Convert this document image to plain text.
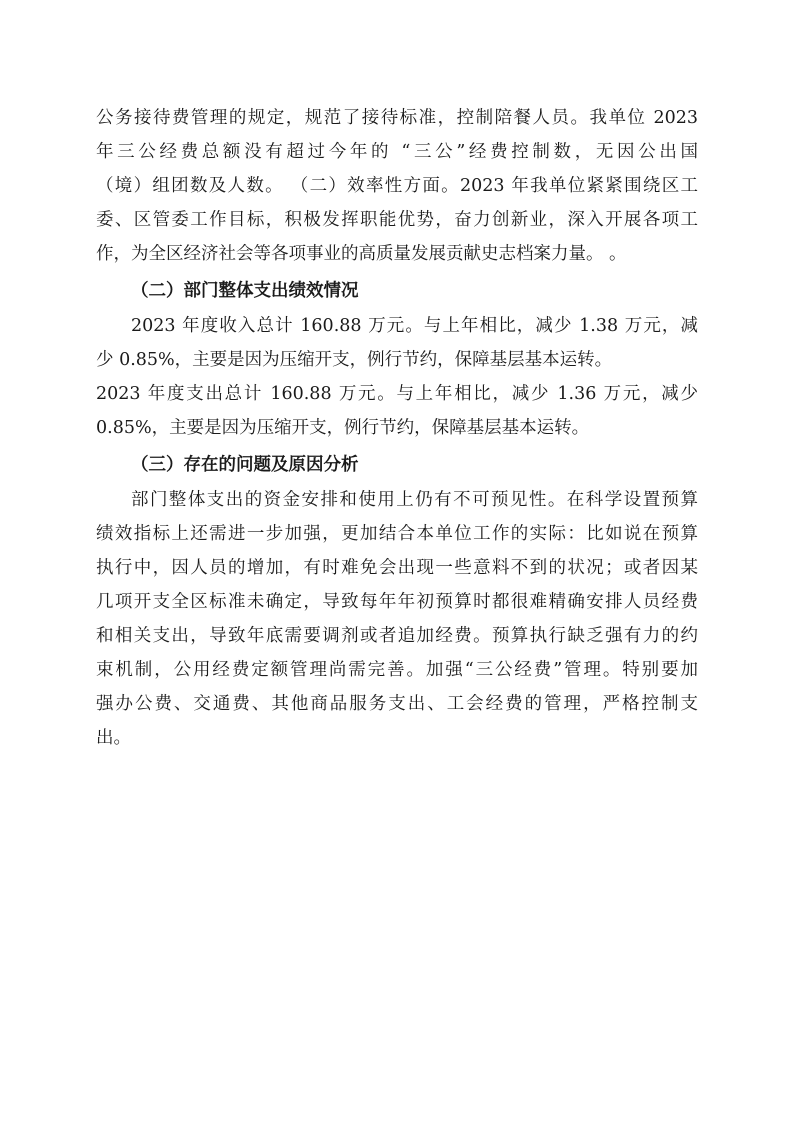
公务接待费管理的规定，规范了接待标准，控制陪餐人员。我单位 2023
年三公经费总额没有超过今年的 “三公”经费控制数，无因公出国
（境）组团数及人数。 （二）效率性方面。2023 年我单位紧紧围绕区工
委、区管委工作目标，积极发挥职能优势，奋力创新业，深入开展各项工
作，为全区经济社会等各项事业的高质量发展贡献史志档案力量。 。
（二）部门整体支出绩效情况
2023 年度收入总计 160.88 万元。与上年相比，减少 1.38 万元，减
少 0.85%，主要是因为压缩开支，例行节约，保障基层基本运转。
2023 年度支出总计 160.88 万元。与上年相比，减少 1.36 万元，减少
0.85%，主要是因为压缩开支，例行节约，保障基层基本运转。
（三）存在的问题及原因分析
部门整体支出的资金安排和使用上仍有不可预见性。在科学设置预算
绩效指标上还需进一步加强，更加结合本单位工作的实际：比如说在预算
执行中，因人员的增加，有时难免会出现一些意料不到的状况；或者因某
几项开支全区标准未确定，导致每年年初预算时都很难精确安排人员经费
和相关支出，导致年底需要调剂或者追加经费。预算执行缺乏强有力的约
束机制，公用经费定额管理尚需完善。加强“三公经费”管理。特别要加
强办公费、交通费、其他商品服务支出、工会经费的管理，严格控制支
出。
